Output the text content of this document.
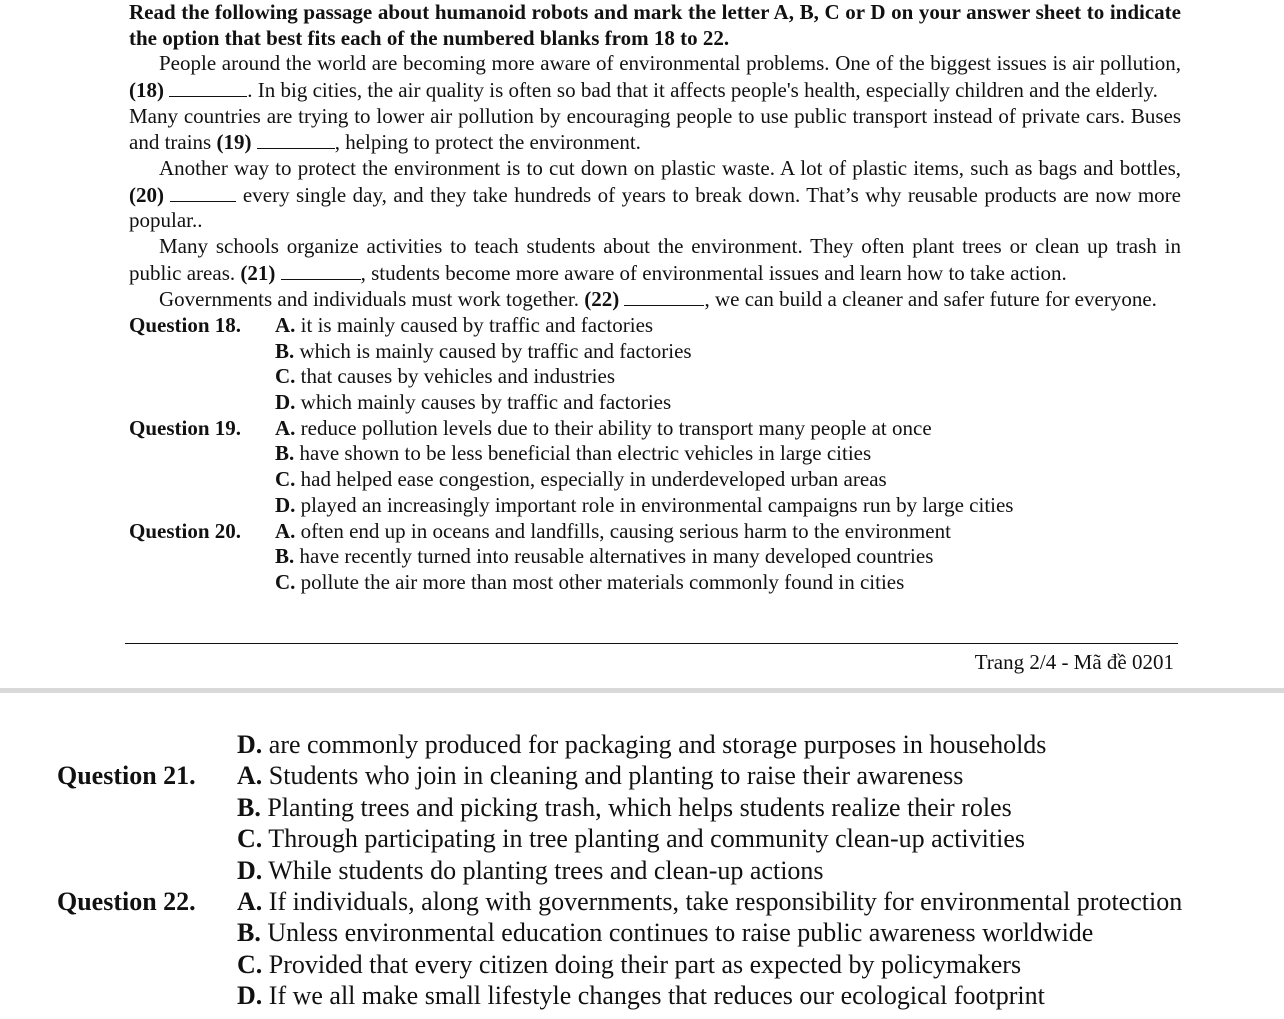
Read the following passage about humanoid robots and mark the letter A, B, C or D on your answer sheet to indicate the option that best fits each of the numbered blanks from 18 to 22.

People around the world are becoming more aware of environmental problems. One of the biggest issues is air pollution, (18)	. In big cities, the air quality is often so bad that it affects people's health, especially children and the elderly.

Many countries are trying to lower air pollution by encouraging people to use public transport instead of private cars. Buses and trains (19)	, helping to protect the environment.

Another way to protect the environment is to cut down on plastic waste. A lot of plastic items, such as bags and bottles, (20)	every single day, and they take hundreds of years to break down. That’s why reusable products are now more popular..

Many schools organize activities to teach students about the environment. They often plant trees or clean up trash in public areas. (21)	, students become more aware of environmental issues and learn how to take action.

Governments and individuals must work together. (22)	, we can build a cleaner and safer future for everyone.

Question 18.	A. it is mainly caused by traffic and factories
B. which is mainly caused by traffic and factories
C. that causes by vehicles and industries
D. which mainly causes by traffic and factories
Question 19.	A. reduce pollution levels due to their ability to transport many people at once
B. have shown to be less beneficial than electric vehicles in large cities
C. had helped ease congestion, especially in underdeveloped urban areas
D. played an increasingly important role in environmental campaigns run by large cities
Question 20.	A. often end up in oceans and landfills, causing serious harm to the environment
B. have recently turned into reusable alternatives in many developed countries
C. pollute the air more than most other materials commonly found in cities
Trang 2/4 - Mã đề 0201
D. are commonly produced for packaging and storage purposes in households
Question 21.	A. Students who join in cleaning and planting to raise their awareness
B. Planting trees and picking trash, which helps students realize their roles
C. Through participating in tree planting and community clean-up activities
D. While students do planting trees and clean-up actions
Question 22.	A. If individuals, along with governments, take responsibility for environmental protection
B. Unless environmental education continues to raise public awareness worldwide
C. Provided that every citizen doing their part as expected by policymakers
D. If we all make small lifestyle changes that reduces our ecological footprint
